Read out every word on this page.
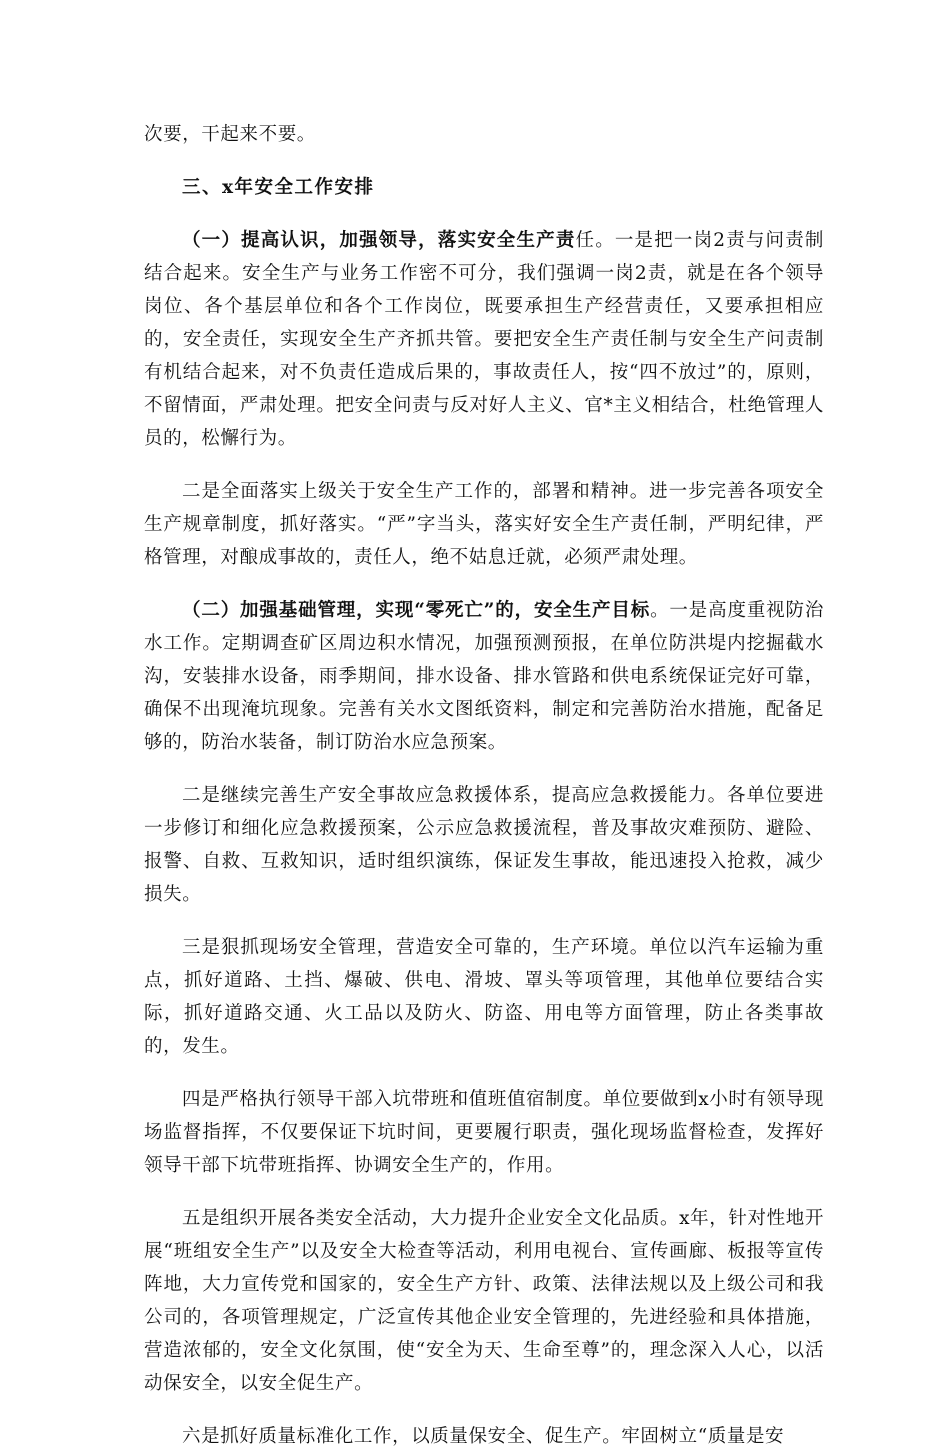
次要，干起来不要。

三、x年安全工作安排

（一）提高认识，加强领导，落实安全生产责任。一是把一岗2责与问责制结合起来。安全生产与业务工作密不可分，我们强调一岗2责，就是在各个领导岗位、各个基层单位和各个工作岗位，既要承担生产经营责任，又要承担相应的，安全责任，实现安全生产齐抓共管。要把安全生产责任制与安全生产问责制有机结合起来，对不负责任造成后果的，事故责任人，按“四不放过”的，原则，不留情面，严肃处理。把安全问责与反对好人主义、官*主义相结合，杜绝管理人员的，松懈行为。

二是全面落实上级关于安全生产工作的，部署和精神。进一步完善各项安全生产规章制度，抓好落实。“严”字当头，落实好安全生产责任制，严明纪律，严格管理，对酿成事故的，责任人，绝不姑息迁就，必须严肃处理。

（二）加强基础管理，实现“零死亡”的，安全生产目标。一是高度重视防治水工作。定期调查矿区周边积水情况，加强预测预报，在单位防洪堤内挖掘截水沟，安装排水设备，雨季期间，排水设备、排水管路和供电系统保证完好可靠，确保不出现淹坑现象。完善有关水文图纸资料，制定和完善防治水措施，配备足够的，防治水装备，制订防治水应急预案。

二是继续完善生产安全事故应急救援体系，提高应急救援能力。各单位要进一步修订和细化应急救援预案，公示应急救援流程，普及事故灾难预防、避险、报警、自救、互救知识，适时组织演练，保证发生事故，能迅速投入抢救，减少损失。

三是狠抓现场安全管理，营造安全可靠的，生产环境。单位以汽车运输为重点，抓好道路、土挡、爆破、供电、滑坡、罩头等项管理，其他单位要结合实际，抓好道路交通、火工品以及防火、防盗、用电等方面管理，防止各类事故的，发生。

四是严格执行领导干部入坑带班和值班值宿制度。单位要做到x小时有领导现场监督指挥，不仅要保证下坑时间，更要履行职责，强化现场监督检查，发挥好领导干部下坑带班指挥、协调安全生产的，作用。

五是组织开展各类安全活动，大力提升企业安全文化品质。x年，针对性地开展“班组安全生产”以及安全大检查等活动，利用电视台、宣传画廊、板报等宣传阵地，大力宣传党和国家的，安全生产方针、政策、法律法规以及上级公司和我公司的，各项管理规定，广泛宣传其他企业安全管理的，先进经验和具体措施，营造浓郁的，安全文化氛围，使“安全为天、生命至尊”的，理念深入人心，以活动保安全，以安全促生产。

六是抓好质量标准化工作，以质量保安全、促生产。牢固树立“质量是安
